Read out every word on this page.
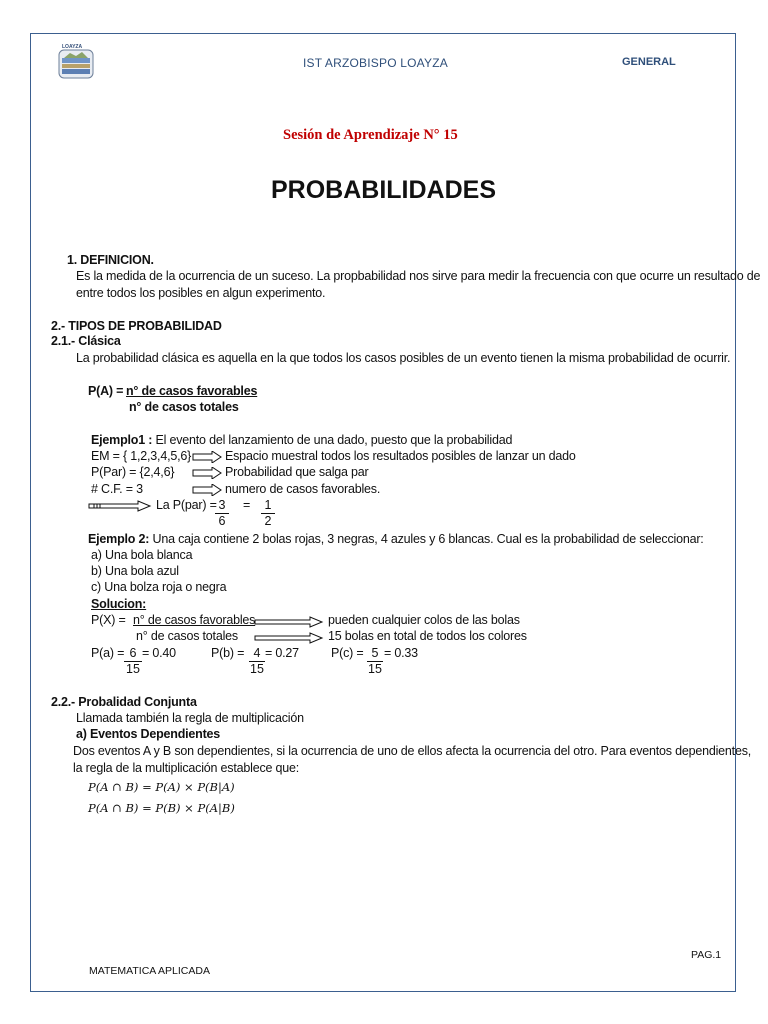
LOAYZA
IST ARZOBISPO LOAYZA	GENERAL
Sesión de Aprendizaje N° 15
PROBABILIDADES
1. DEFINICION.
Es la medida de la ocurrencia de un suceso. La propbabilidad nos sirve para medir la frecuencia con que ocurre un resultado de
entre todos los posibles en algun experimento.
2.- TIPOS DE PROBABILIDAD
2.1.- Clásica
La probabilidad clásica es aquella en la que todos los casos posibles de un evento tienen la misma probabilidad de ocurrir.
P(A) = n° de casos favorables
n° de casos totales
Ejemplo1 : El evento del lanzamiento de una dado, puesto que la probabilidad
EM = { 1,2,3,4,5,6}	Espacio muestral todos los resultados posibles de lanzar un dado
P(Par) = {2,4,6}	Probabilidad que salga par
# C.F. = 3	numero de casos favorables.
La P(par) =
$\frac{3}{6} = \frac{1}{2}$
Ejemplo 2: Una caja contiene 2 bolas rojas, 3 negras, 4 azules y 6 blancas. Cual es la probabilidad de seleccionar:
a) Una bola blanca
b) Una bola azul
c) Una bolza roja o negra
Solucion:
P(X) = n° de casos favorables
n° de casos totales
pueden cualquier colos de las bolas
15 bolas en total de todos los colores
$P(a) = \frac{6}{15} = 0.40$	$P(b) = \frac{4}{15} = 0.27$	$P(c) = \frac{5}{15} = 0.33$
2.2.- Probalidad Conjunta
Llamada también la regla de multiplicación
a) Eventos Dependientes
Dos eventos A y B son dependientes, si la ocurrencia de uno de ellos afecta la ocurrencia del otro. Para eventos dependientes,
la regla de la multiplicación establece que:
P(A ∩ B) = P(A) × P(B|A)
P(A ∩ B) = P(B) × P(A|B)
PAG.1
MATEMATICA APLICADA
